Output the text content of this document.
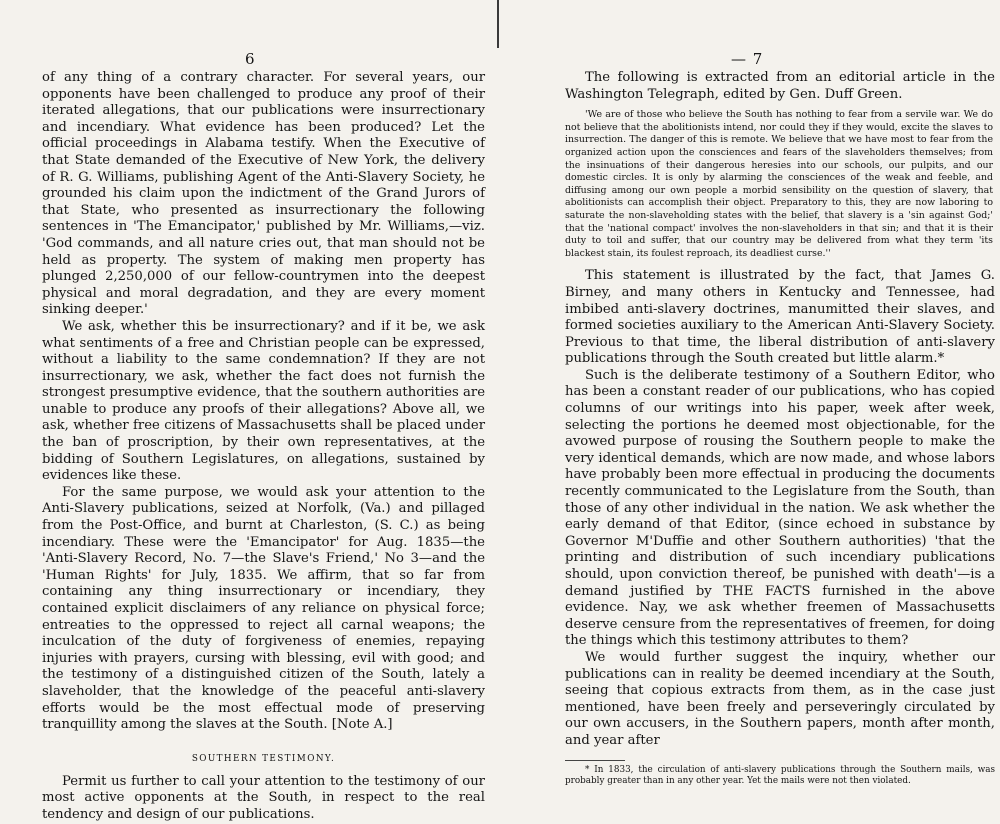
6

of any thing of a contrary character. For several years, our opponents have been challenged to produce any proof of their iterated allegations, that our publications were insurrectionary and incendiary. What evidence has been produced? Let the official proceedings in Alabama testify. When the Executive of that State demanded of the Executive of New York, the delivery of R. G. Williams, publishing Agent of the Anti-Slavery Society, he grounded his claim upon the indictment of the Grand Jurors of that State, who presented as insurrectionary the following sentences in 'The Emancipator,' published by Mr. Williams,—viz. 'God commands, and all nature cries out, that man should not be held as property. The system of making men property has plunged 2,250,000 of our fellow-countrymen into the deepest physical and moral degradation, and they are every moment sinking deeper.'

We ask, whether this be insurrectionary? and if it be, we ask what sentiments of a free and Christian people can be expressed, without a liability to the same condemnation? If they are not insurrectionary, we ask, whether the fact does not furnish the strongest presumptive evidence, that the southern authorities are unable to produce any proofs of their allegations? Above all, we ask, whether free citizens of Massachusetts shall be placed under the ban of proscription, by their own representatives, at the bidding of Southern Legislatures, on allegations, sustained by evidences like these.

For the same purpose, we would ask your attention to the Anti-Slavery publications, seized at Norfolk, (Va.) and pillaged from the Post-Office, and burnt at Charleston, (S. C.) as being incendiary. These were the 'Emancipator' for Aug. 1835—the 'Anti-Slavery Record, No. 7—the Slave's Friend,' No 3—and the 'Human Rights' for July, 1835. We affirm, that so far from containing any thing insurrectionary or incendiary, they contained explicit disclaimers of any reliance on physical force; entreaties to the oppressed to reject all carnal weapons; the inculcation of the duty of forgiveness of enemies, repaying injuries with prayers, cursing with blessing, evil with good; and the testimony of a distinguished citizen of the South, lately a slaveholder, that the knowledge of the peaceful anti-slavery efforts would be the most effectual mode of preserving tranquillity among the slaves at the South. [Note A.]

SOUTHERN TESTIMONY.

Permit us further to call your attention to the testimony of our most active opponents at the South, in respect to the real tendency and design of our publications.

— 7

The following is extracted from an editorial article in the Washington Telegraph, edited by Gen. Duff Green.

'We are of those who believe the South has nothing to fear from a servile war. We do not believe that the abolitionists intend, nor could they if they would, excite the slaves to insurrection. The danger of this is remote. We believe that we have most to fear from the organized action upon the consciences and fears of the slaveholders themselves; from the insinuations of their dangerous heresies into our schools, our pulpits, and our domestic circles. It is only by alarming the consciences of the weak and feeble, and diffusing among our own people a morbid sensibility on the question of slavery, that abolitionists can accomplish their object. Preparatory to this, they are now laboring to saturate the non-slaveholding states with the belief, that slavery is a 'sin against God;' that the 'national compact' involves the non-slaveholders in that sin; and that it is their duty to toil and suffer, that our country may be delivered from what they term 'its blackest stain, its foulest reproach, its deadliest curse.''

This statement is illustrated by the fact, that James G. Birney, and many others in Kentucky and Tennessee, had imbibed anti-slavery doctrines, manumitted their slaves, and formed societies auxiliary to the American Anti-Slavery Society. Previous to that time, the liberal distribution of anti-slavery publications through the South created but little alarm.*

Such is the deliberate testimony of a Southern Editor, who has been a constant reader of our publications, who has copied columns of our writings into his paper, week after week, selecting the portions he deemed most objectionable, for the avowed purpose of rousing the Southern people to make the very identical demands, which are now made, and whose labors have probably been more effectual in producing the documents recently communicated to the Legislature from the South, than those of any other individual in the nation. We ask whether the early demand of that Editor, (since echoed in substance by Governor M'Duffie and other Southern authorities) 'that the printing and distribution of such incendiary publications should, upon conviction thereof, be punished with death'—is a demand justified by THE FACTS furnished in the above evidence. Nay, we ask whether freemen of Massachusetts deserve censure from the representatives of freemen, for doing the things which this testimony attributes to them?

We would further suggest the inquiry, whether our publications can in reality be deemed incendiary at the South, seeing that copious extracts from them, as in the case just mentioned, have been freely and perseveringly circulated by our own accusers, in the Southern papers, month after month, and year after

* In 1833, the circulation of anti-slavery publications through the Southern mails, was probably greater than in any other year. Yet the mails were not then violated.
